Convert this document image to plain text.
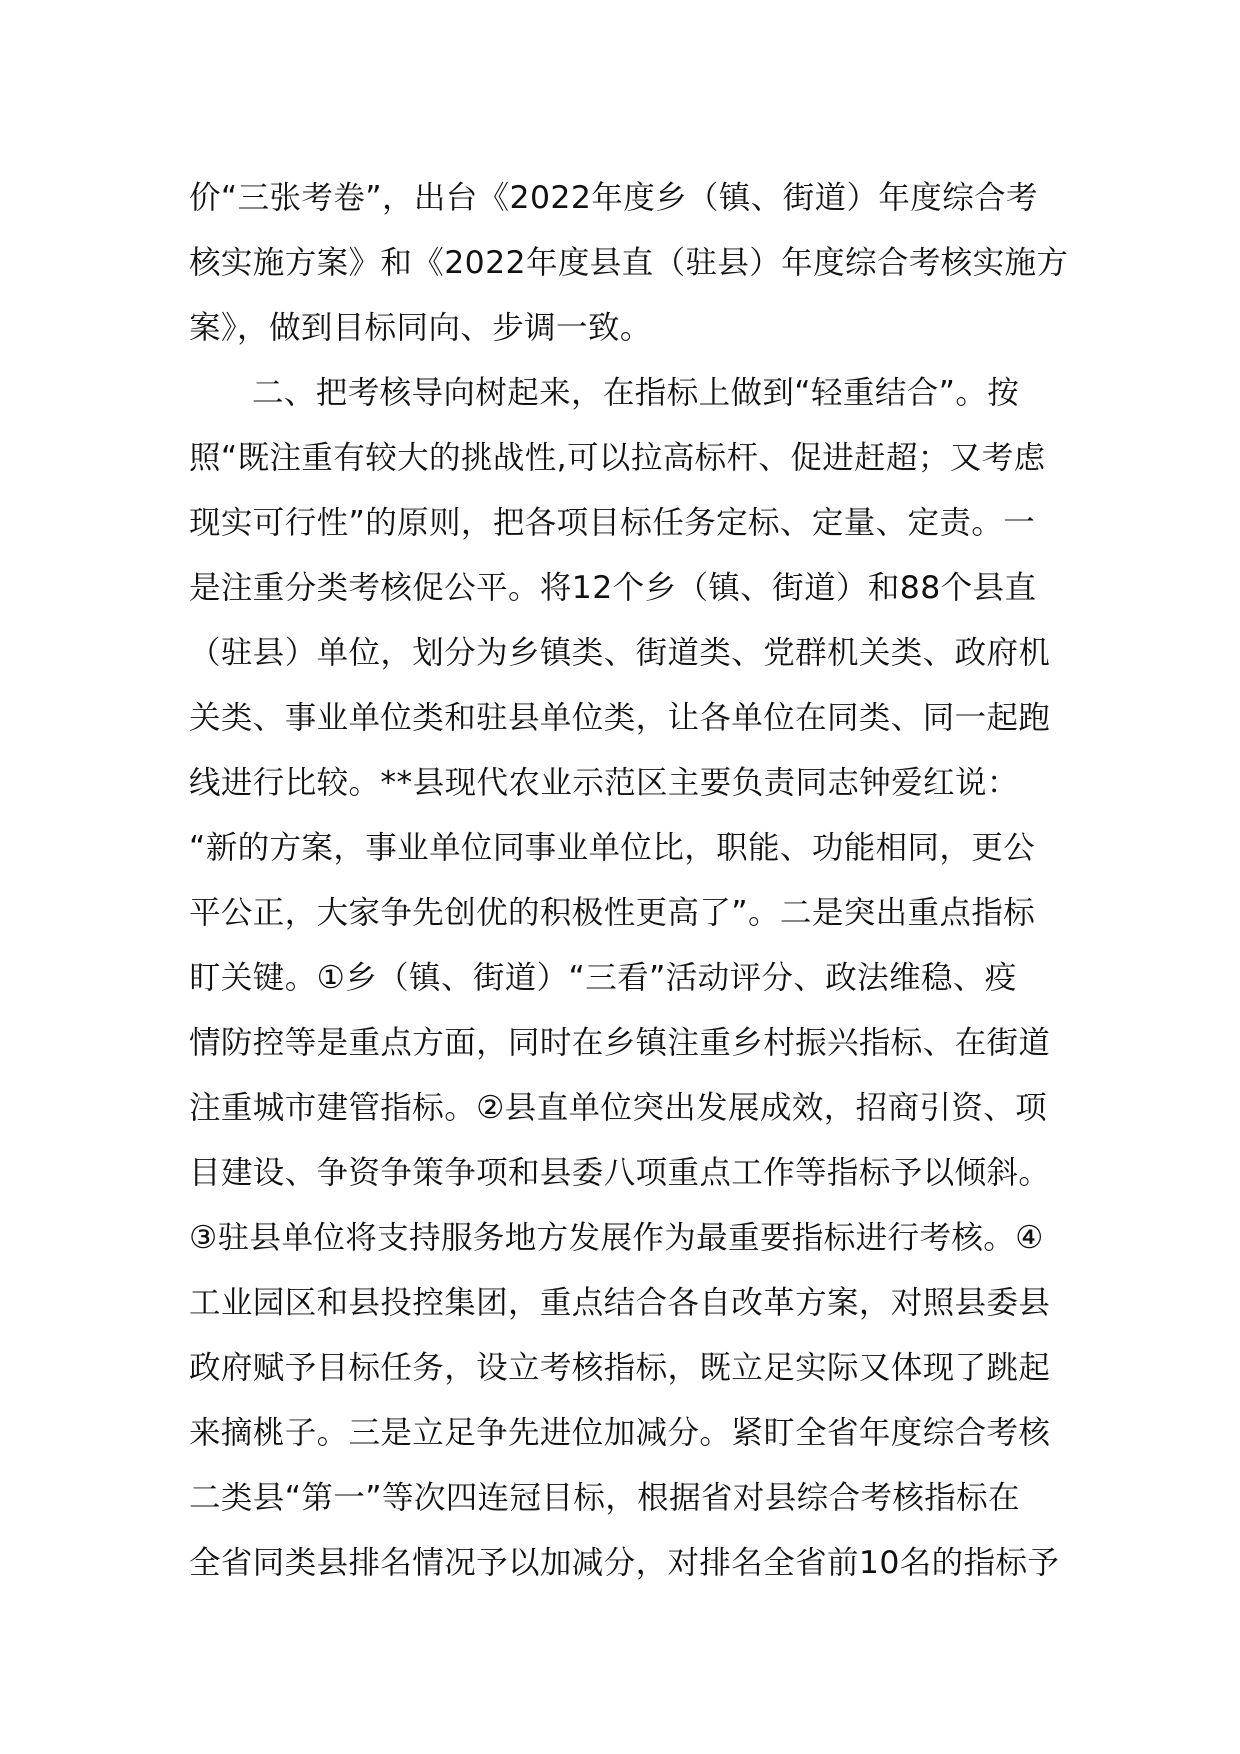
价“三张考卷”，出台《2022年度乡（镇、街道）年度综合考
核实施方案》和《2022年度县直（驻县）年度综合考核实施方
案》，做到目标同向、步调一致。
二、把考核导向树起来，在指标上做到“轻重结合”。按
照“既注重有较大的挑战性,可以拉高标杆、促进赶超；又考虑
现实可行性”的原则，把各项目标任务定标、定量、定责。一
是注重分类考核促公平。将12个乡（镇、街道）和88个县直
（驻县）单位，划分为乡镇类、街道类、党群机关类、政府机
关类、事业单位类和驻县单位类，让各单位在同类、同一起跑
线进行比较。**县现代农业示范区主要负责同志钟爱红说：
“新的方案，事业单位同事业单位比，职能、功能相同，更公
平公正，大家争先创优的积极性更高了”。二是突出重点指标
盯关键。①乡（镇、街道）“三看”活动评分、政法维稳、疫
情防控等是重点方面，同时在乡镇注重乡村振兴指标、在街道
注重城市建管指标。②县直单位突出发展成效，招商引资、项
目建设、争资争策争项和县委八项重点工作等指标予以倾斜。
③驻县单位将支持服务地方发展作为最重要指标进行考核。④
工业园区和县投控集团，重点结合各自改革方案，对照县委县
政府赋予目标任务，设立考核指标，既立足实际又体现了跳起
来摘桃子。三是立足争先进位加减分。紧盯全省年度综合考核
二类县“第一”等次四连冠目标，根据省对县综合考核指标在
全省同类县排名情况予以加减分，对排名全省前10名的指标予
